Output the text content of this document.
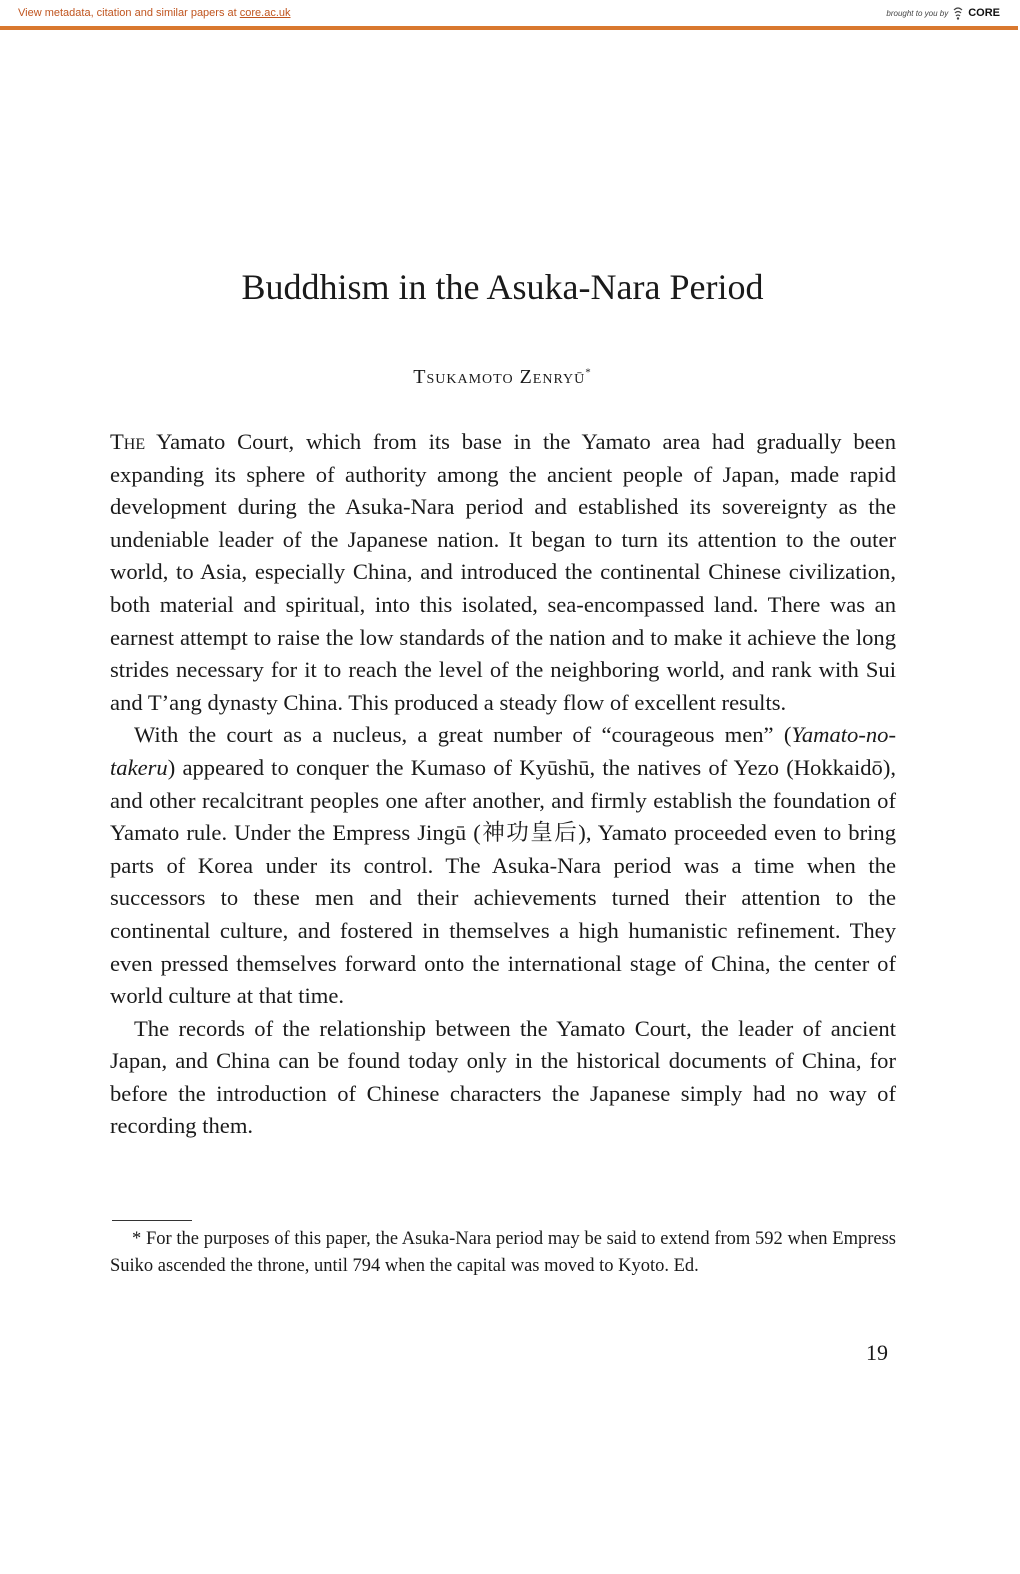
View metadata, citation and similar papers at core.ac.uk	brought to you by CORE
Buddhism in the Asuka-Nara Period
Tsukamoto Zenryū*

The Yamato Court, which from its base in the Yamato area had gradually been expanding its sphere of authority among the ancient people of Japan, made rapid development during the Asuka-Nara period and established its sovereignty as the undeniable leader of the Japanese nation. It began to turn its attention to the outer world, to Asia, especially China, and introduced the continental Chinese civilization, both material and spiritual, into this isolated, sea-encompassed land. There was an earnest attempt to raise the low standards of the nation and to make it achieve the long strides necessary for it to reach the level of the neighboring world, and rank with Sui and T’ang dynasty China. This produced a steady flow of excellent results.

With the court as a nucleus, a great number of “courageous men” (Yamato-no-takeru) appeared to conquer the Kumaso of Kyūshū, the natives of Yezo (Hokkaidō), and other recalcitrant peoples one after another, and firmly establish the foundation of Yamato rule. Under the Empress Jingū (神功皇后), Yamato proceeded even to bring parts of Korea under its control. The Asuka-Nara period was a time when the successors to these men and their achievements turned their attention to the continental culture, and fostered in themselves a high humanistic refinement. They even pressed themselves forward onto the international stage of China, the center of world culture at that time.

The records of the relationship between the Yamato Court, the leader of ancient Japan, and China can be found today only in the historical documents of China, for before the introduction of Chinese characters the Japanese simply had no way of recording them.

* For the purposes of this paper, the Asuka-Nara period may be said to extend from 592 when Empress Suiko ascended the throne, until 794 when the capital was moved to Kyoto. Ed.

19
